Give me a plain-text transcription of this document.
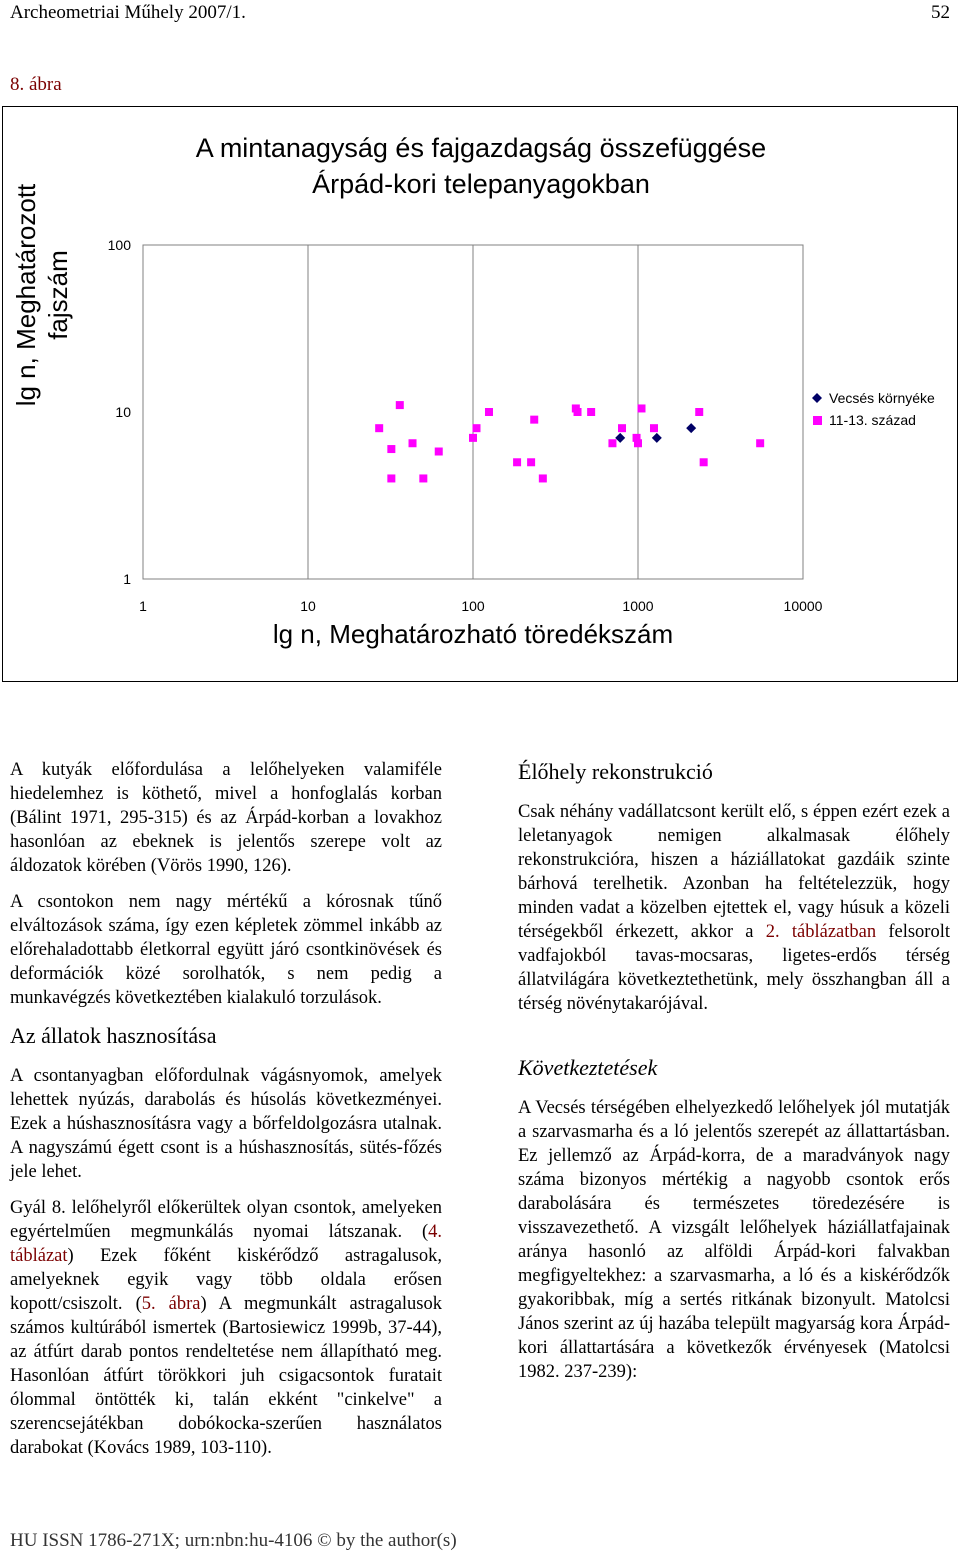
Archeometriai Műhely 2007/1.	52
8. ábra
A mintanagyság és fajgazdagság összefüggése
Árpád-kori telepanyagokban
lg n, Meghatározott fajszám
1	10	100	1000	10000
100
10
1
lg n, Meghatározható töredékszám
Vecsés környéke
11-13. század

A kutyák előfordulása a lelőhelyeken valamiféle hiedelemhez is köthető, mivel a honfoglalás korban (Bálint 1971, 295-315) és az Árpád-korban a lovakhoz hasonlóan az ebeknek is jelentős szerepe volt az áldozatok körében (Vörös 1990, 126).

A csontokon nem nagy mértékű a kórosnak tűnő elváltozások száma, így ezen képletek zömmel inkább az előrehaladottabb életkorral együtt járó csontkinövések és deformációk közé sorolhatók, s nem pedig a munkavégzés következtében kialakuló torzulások.

Az állatok hasznosítása

A csontanyagban előfordulnak vágásnyomok, amelyek lehettek nyúzás, darabolás és húsolás következményei. Ezek a húshasznosításra vagy a bőrfeldolgozásra utalnak. A nagyszámú égett csont is a húshasznosítás, sütés-főzés jele lehet.

Gyál 8. lelőhelyről előkerültek olyan csontok, amelyeken egyértelműen megmunkálás nyomai látszanak. (4. táblázat) Ezek főként kiskérődző astragalusok, amelyeknek egyik vagy több oldala erősen kopott/csiszolt. (5. ábra) A megmunkált astragalusok számos kultúrából ismertek (Bartosiewicz 1999b, 37-44), az átfúrt darab pontos rendeltetése nem állapítható meg. Hasonlóan átfúrt törökkori juh csigacsontok furatait ólommal öntötték ki, talán ekként "cinkelve" a szerencsejátékban dobókocka-szerűen használatos darabokat (Kovács 1989, 103-110).

Élőhely rekonstrukció

Csak néhány vadállatcsont került elő, s éppen ezért ezek a leletanyagok nemigen alkalmasak élőhely rekonstrukcióra, hiszen a háziállatokat gazdáik szinte bárhová terelhetik. Azonban ha feltételezzük, hogy minden vadat a közelben ejtettek el, vagy húsuk a közeli térségekből érkezett, akkor a 2. táblázatban felsorolt vadfajokból tavas-mocsaras, ligetes-erdős térség állatvilágára következtethetünk, mely összhangban áll a térség növénytakarójával.

Következtetések

A Vecsés térségében elhelyezkedő lelőhelyek jól mutatják a szarvasmarha és a ló jelentős szerepét az állattartásban. Ez jellemző az Árpád-korra, de a maradványok nagy száma bizonyos mértékig a nagyobb csontok erős darabolására és természetes töredezésére is visszavezethető. A vizsgált lelőhelyek háziállatfajainak aránya hasonló az alföldi Árpád-kori falvakban megfigyeltekhez: a szarvasmarha, a ló és a kiskérődzők gyakoribbak, míg a sertés ritkának bizonyult. Matolcsi János szerint az új hazába települt magyarság kora Árpád-kori állattartására a következők érvényesek (Matolcsi 1982. 237-239):

HU ISSN 1786-271X; urn:nbn:hu-4106 © by the author(s)
